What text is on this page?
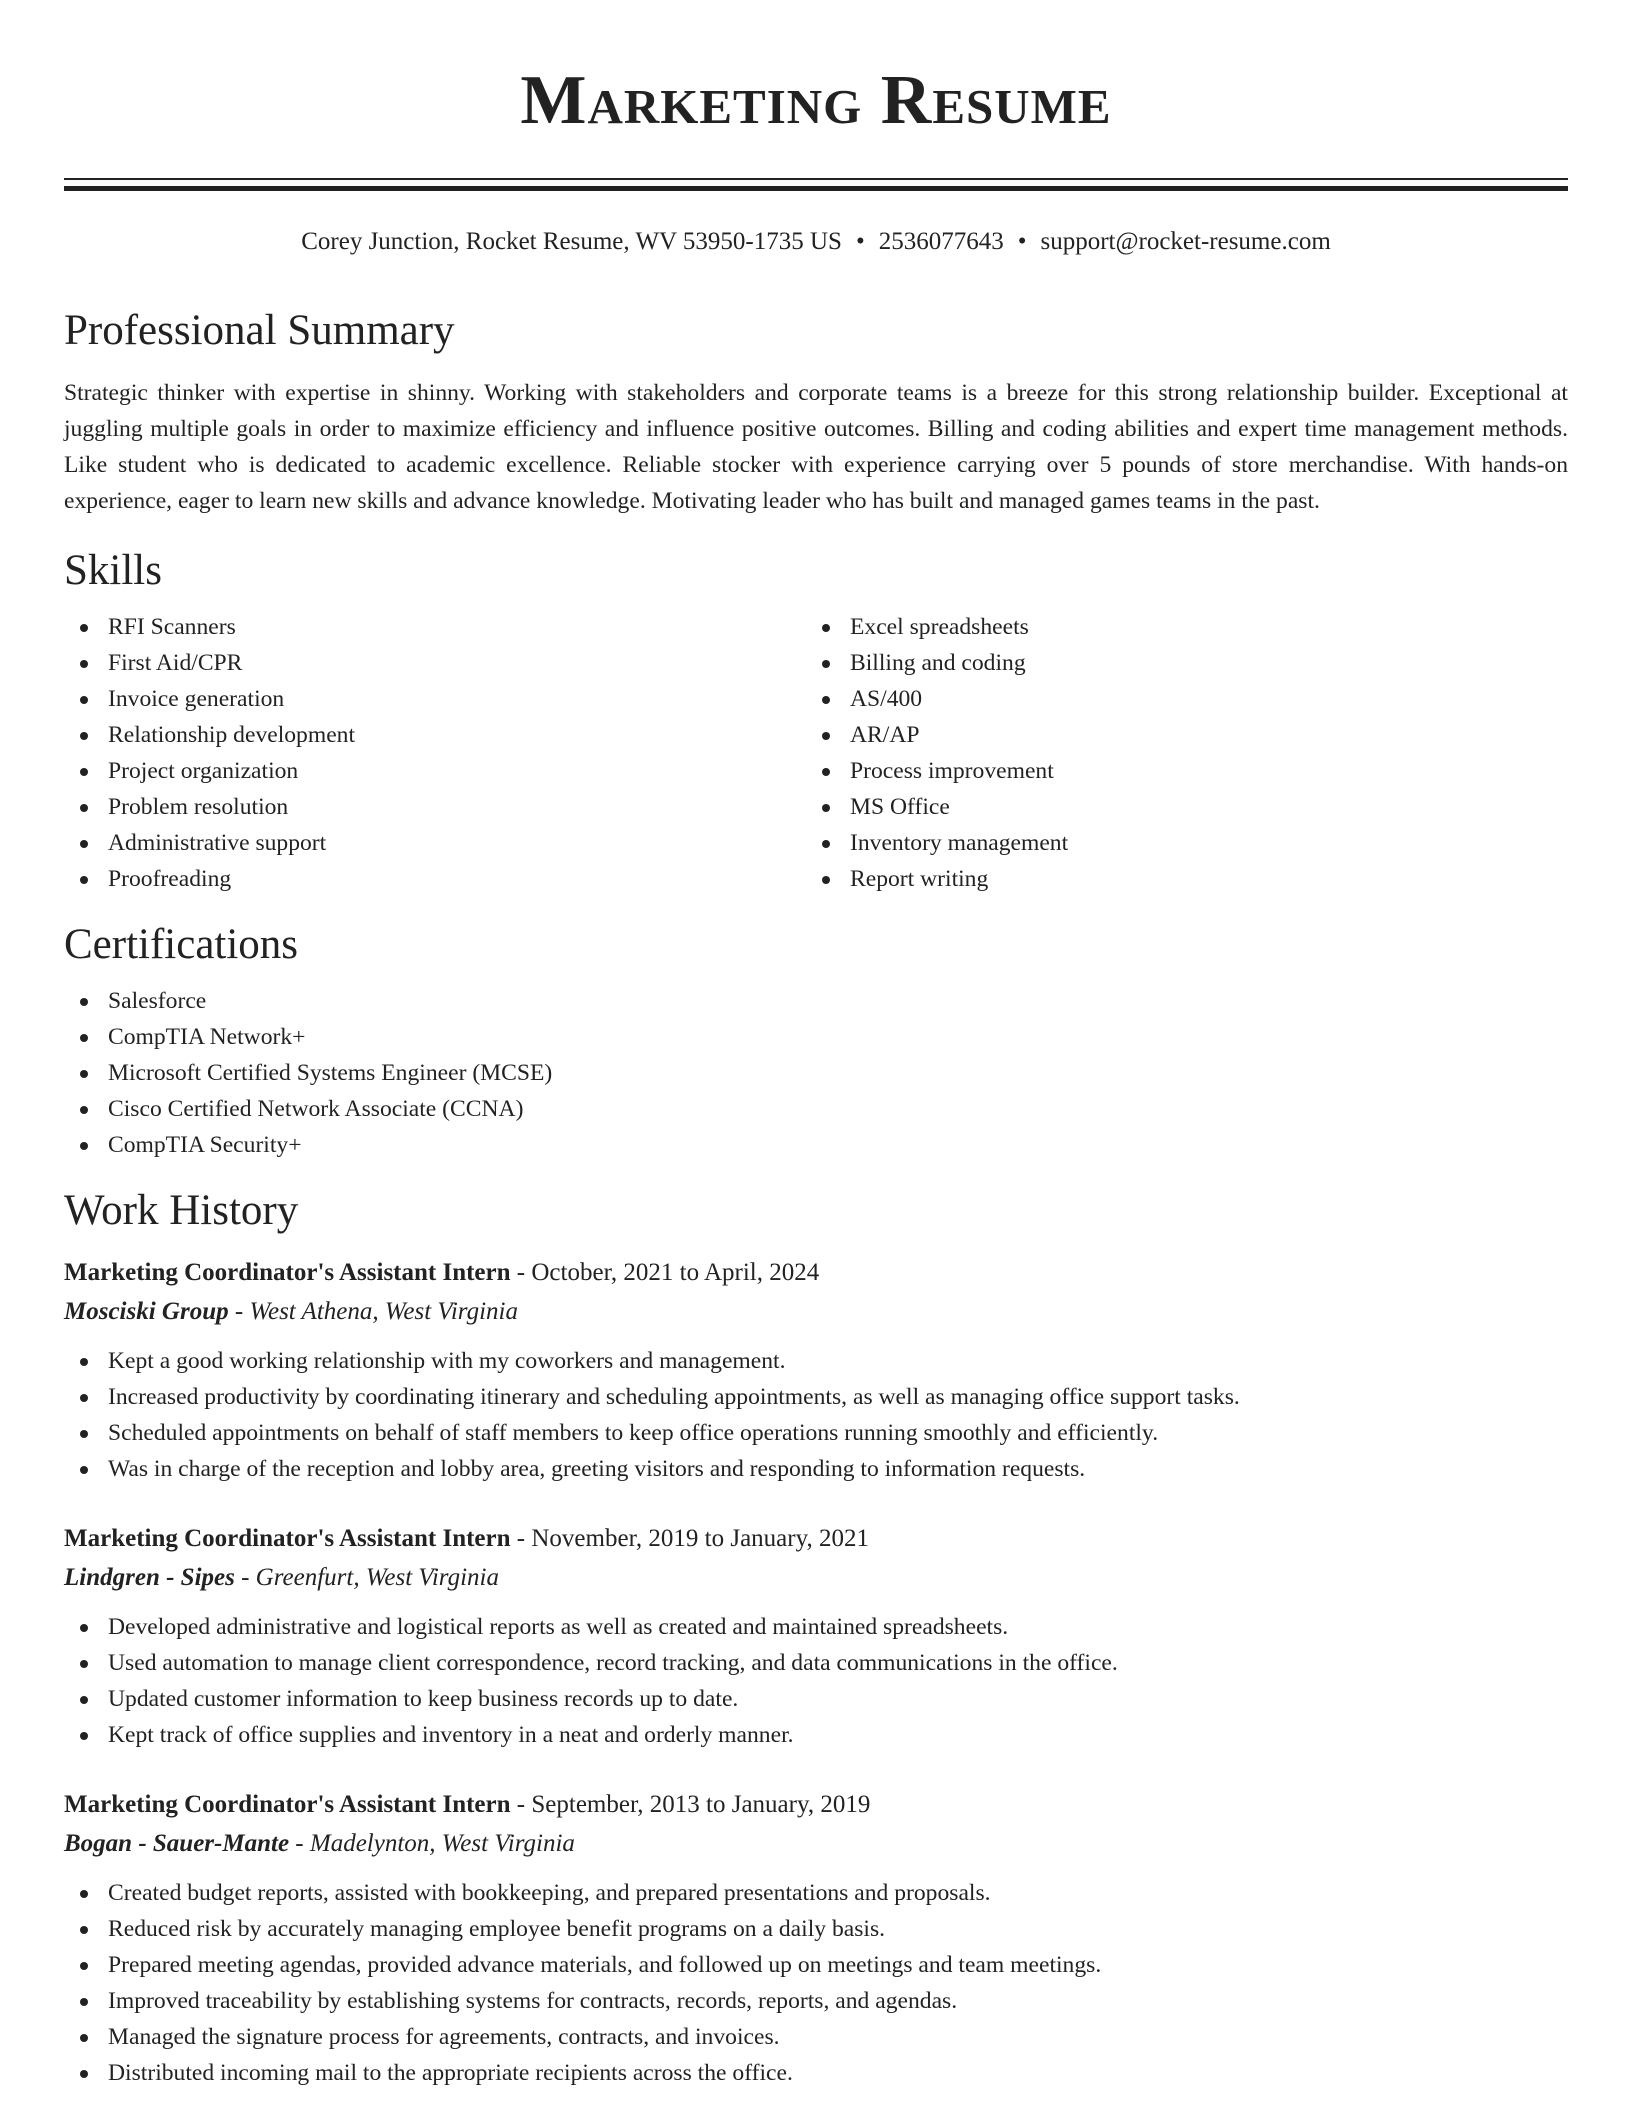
Marketing Resume
Corey Junction, Rocket Resume, WV 53950-1735 US • 2536077643 • support@rocket-resume.com
Professional Summary

Strategic thinker with expertise in shinny. Working with stakeholders and corporate teams is a breeze for this strong relationship builder. Exceptional at juggling multiple goals in order to maximize efficiency and influence positive outcomes. Billing and coding abilities and expert time management methods. Like student who is dedicated to academic excellence. Reliable stocker with experience carrying over 5 pounds of store merchandise. With hands-on experience, eager to learn new skills and advance knowledge. Motivating leader who has built and managed games teams in the past.

Skills
RFI Scanners
First Aid/CPR
Invoice generation
Relationship development
Project organization
Problem resolution
Administrative support
Proofreading
Excel spreadsheets
Billing and coding
AS/400
AR/AP
Process improvement
MS Office
Inventory management
Report writing
Certifications
Salesforce
CompTIA Network+
Microsoft Certified Systems Engineer (MCSE)
Cisco Certified Network Associate (CCNA)
CompTIA Security+
Work History
Marketing Coordinator's Assistant Intern - October, 2021 to April, 2024
Mosciski Group - West Athena, West Virginia
Kept a good working relationship with my coworkers and management.
Increased productivity by coordinating itinerary and scheduling appointments, as well as managing office support tasks.
Scheduled appointments on behalf of staff members to keep office operations running smoothly and efficiently.
Was in charge of the reception and lobby area, greeting visitors and responding to information requests.
Marketing Coordinator's Assistant Intern - November, 2019 to January, 2021
Lindgren - Sipes - Greenfurt, West Virginia
Developed administrative and logistical reports as well as created and maintained spreadsheets.
Used automation to manage client correspondence, record tracking, and data communications in the office.
Updated customer information to keep business records up to date.
Kept track of office supplies and inventory in a neat and orderly manner.
Marketing Coordinator's Assistant Intern - September, 2013 to January, 2019
Bogan - Sauer-Mante - Madelynton, West Virginia
Created budget reports, assisted with bookkeeping, and prepared presentations and proposals.
Reduced risk by accurately managing employee benefit programs on a daily basis.
Prepared meeting agendas, provided advance materials, and followed up on meetings and team meetings.
Improved traceability by establishing systems for contracts, records, reports, and agendas.
Managed the signature process for agreements, contracts, and invoices.
Distributed incoming mail to the appropriate recipients across the office.
